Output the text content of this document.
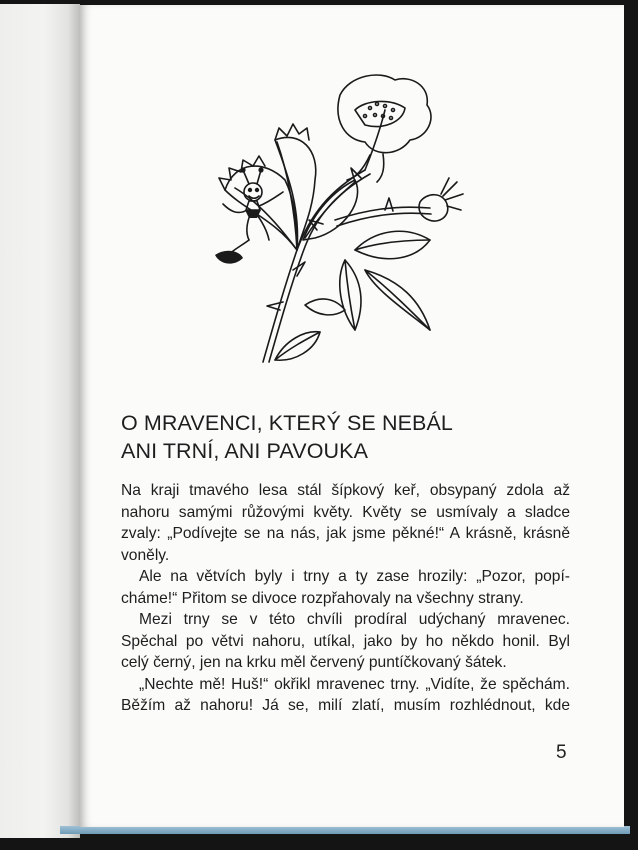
O MRAVENCI, KTERÝ SE NEBÁL
ANI TRNÍ, ANI PAVOUKA

Na kraji tmavého lesa stál šípkový keř, obsypaný zdola až
nahoru samými růžovými květy. Květy se usmívaly a sladce
zvaly: „Podívejte se na nás, jak jsme pěkné!“ A krásně, krásně
voněly.

Ale na větvích byly i trny a ty zase hrozily: „Pozor, popí-
cháme!“ Přitom se divoce rozpřahovaly na všechny strany.

Mezi trny se v této chvíli prodíral udýchaný mravenec.
Spěchal po větvi nahoru, utíkal, jako by ho někdo honil. Byl
celý černý, jen na krku měl červený puntíčkovaný šátek.

„Nechte mě! Huš!“ okřikl mravenec trny. „Vidíte, že spěchám.
Běžím až nahoru! Já se, milí zlatí, musím rozhlédnout, kde

5
